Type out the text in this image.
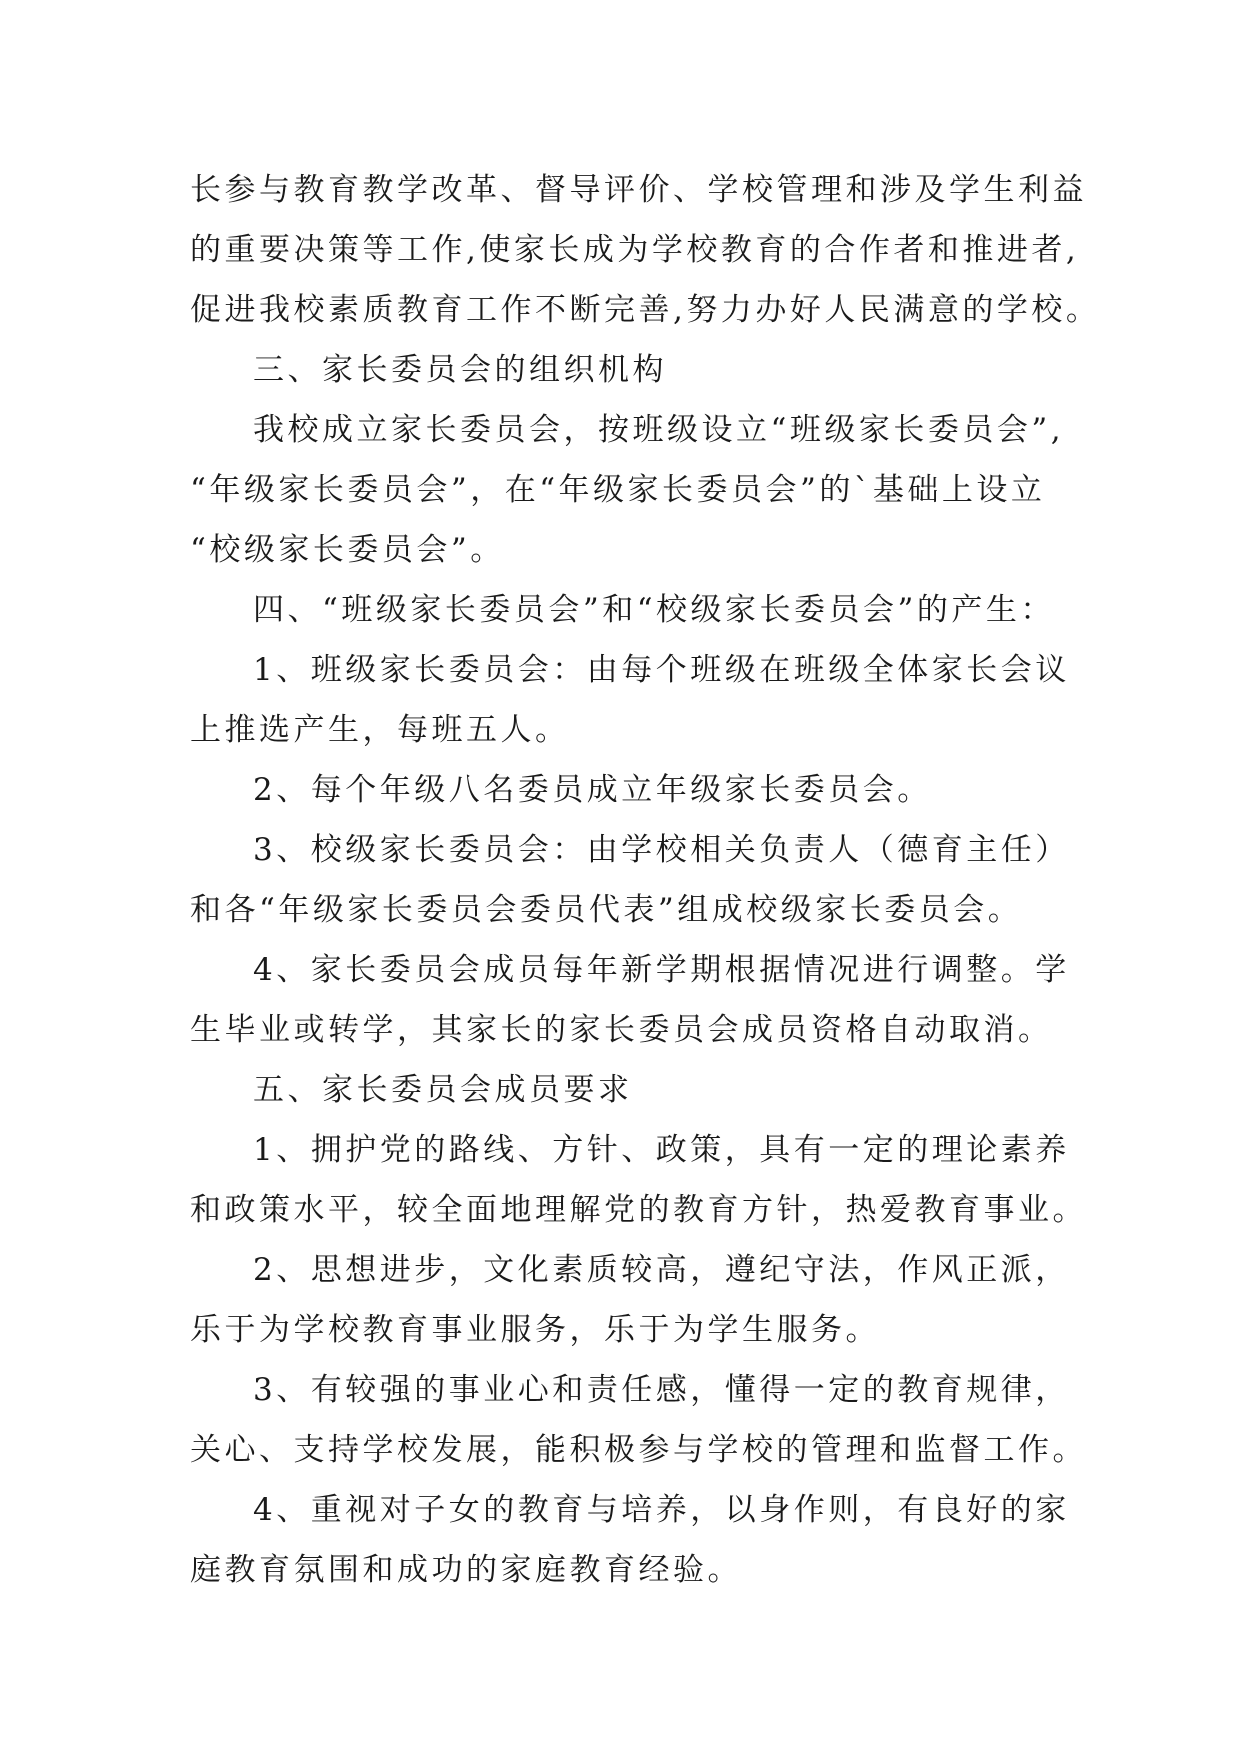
长参与教育教学改革、督导评价、学校管理和涉及学生利益
的重要决策等工作,使家长成为学校教育的合作者和推进者,
促进我校素质教育工作不断完善,努力办好人民满意的学校。
三、家长委员会的组织机构
我校成立家长委员会，按班级设立“班级家长委员会”,
“年级家长委员会”，在“年级家长委员会”的`基础上设立
“校级家长委员会”。
四、“班级家长委员会”和“校级家长委员会”的产生：
1、班级家长委员会：由每个班级在班级全体家长会议
上推选产生，每班五人。
2、每个年级八名委员成立年级家长委员会。
3、校级家长委员会：由学校相关负责人（德育主任）
和各“年级家长委员会委员代表”组成校级家长委员会。
4、家长委员会成员每年新学期根据情况进行调整。学
生毕业或转学，其家长的家长委员会成员资格自动取消。
五、家长委员会成员要求
1、拥护党的路线、方针、政策，具有一定的理论素养
和政策水平，较全面地理解党的教育方针，热爱教育事业。
2、思想进步，文化素质较高，遵纪守法，作风正派，
乐于为学校教育事业服务，乐于为学生服务。
3、有较强的事业心和责任感，懂得一定的教育规律，
关心、支持学校发展，能积极参与学校的管理和监督工作。
4、重视对子女的教育与培养，以身作则，有良好的家
庭教育氛围和成功的家庭教育经验。
